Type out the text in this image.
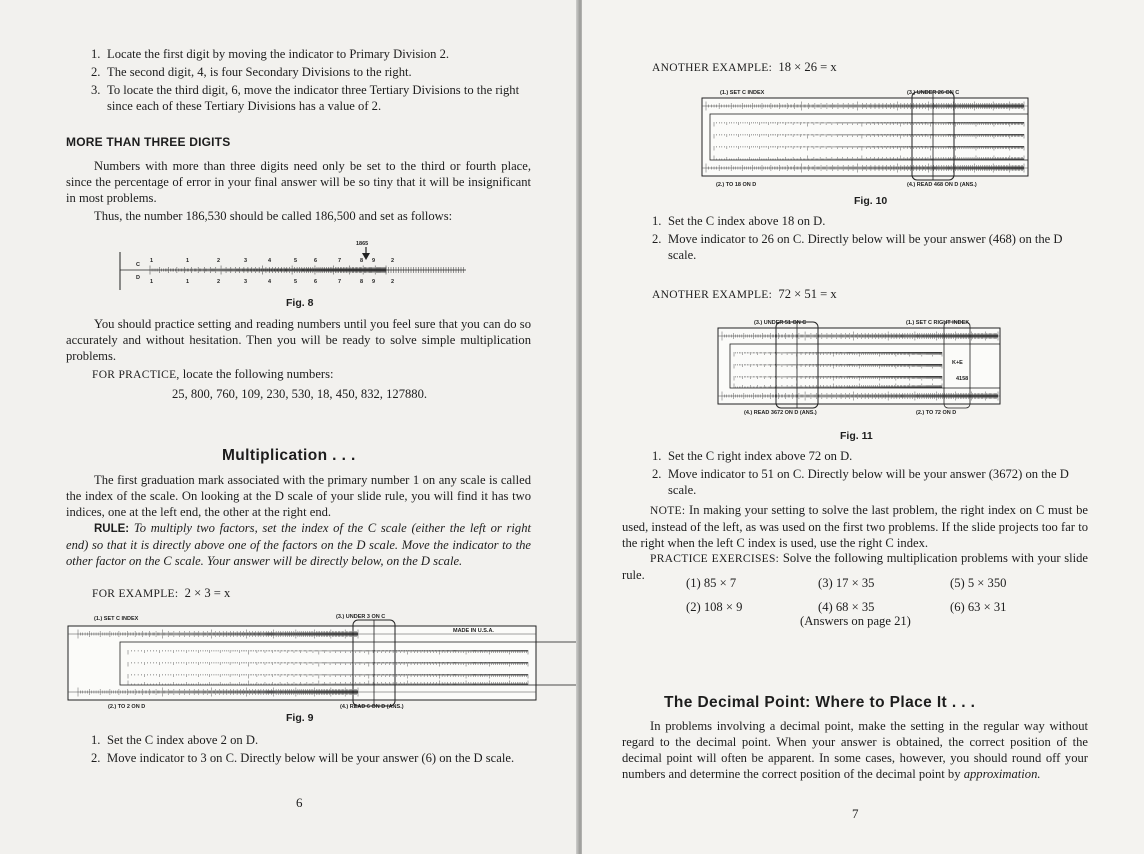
1. Locate the first digit by moving the indicator to Primary Division 2.
2. The second digit, 4, is four Secondary Divisions to the right.
3. To locate the third digit, 6, move the indicator three Tertiary Divisions to the right since each of these Tertiary Divisions has a value of 2.
MORE THAN THREE DIGITS
Numbers with more than three digits need only be set to the third or fourth place, since the percentage of error in your final answer will be so tiny that it will be insignificant in most problems.
Thus, the number 186,530 should be called 186,500 and set as follows:
1865
C
D
1
1
1
1
2
2
3
3
4
4
5
5
6
6
7
7
8
8
9
9
2
2
Fig. 8
You should practice setting and reading numbers until you feel sure that you can do so accurately and without hesitation. Then you will be ready to solve simple multiplication problems.
FOR PRACTICE, locate the following numbers:
25, 800, 760, 109, 230, 530, 18, 450, 832, 127880.
Multiplication . . .
The first graduation mark associated with the primary number 1 on any scale is called the index of the scale. On looking at the D scale of your slide rule, you will find it has two indices, one at the left end, the other at the right end.
RULE: To multiply two factors, set the index of the C scale (either the left or right end) so that it is directly above one of the factors on the D scale. Move the indicator to the other factor on the C scale. Your answer will be directly below, on the D scale.
FOR EXAMPLE: 2 × 3 = x
(1.) SET C INDEX	(3.) UNDER 3 ON C
(2.) TO 2 ON D	(4.) READ 6 ON D (ANS.)
MADE IN U.S.A.
Fig. 9
1. Set the C index above 2 on D.
2. Move indicator to 3 on C. Directly below will be your answer (6) on the D scale.
6
ANOTHER EXAMPLE: 18 × 26 = x
(1.) SET C INDEX	(3.) UNDER 26 ON C
(2.) TO 18 ON D	(4.) READ 468 ON D (ANS.)
Fig. 10
1. Set the C index above 18 on D.
2. Move indicator to 26 on C. Directly below will be your answer (468) on the D scale.
ANOTHER EXAMPLE: 72 × 51 = x
(3.) UNDER 51 ON C	(1.) SET C RIGHT INDEX
(4.) READ 3672 ON D (ANS.)	(2.) TO 72 ON D
K+E
4158
Fig. 11
1. Set the C right index above 72 on D.
2. Move indicator to 51 on C. Directly below will be your answer (3672) on the D scale.
NOTE: In making your setting to solve the last problem, the right index on C must be used, instead of the left, as was used on the first two problems. If the slide projects too far to the right when the left C index is used, use the right C index.
PRACTICE EXERCISES: Solve the following multiplication problems with your slide rule.
(1) 85 × 7	(3) 17 × 35	(5) 5 × 350
(2) 108 × 9	(4) 68 × 35	(6) 63 × 31
(Answers on page 21)
The Decimal Point: Where to Place It . . .
In problems involving a decimal point, make the setting in the regular way without regard to the decimal point. When your answer is obtained, the correct position of the decimal point will often be apparent. In some cases, however, you should round off your numbers and determine the correct position of the decimal point by approximation.
7
